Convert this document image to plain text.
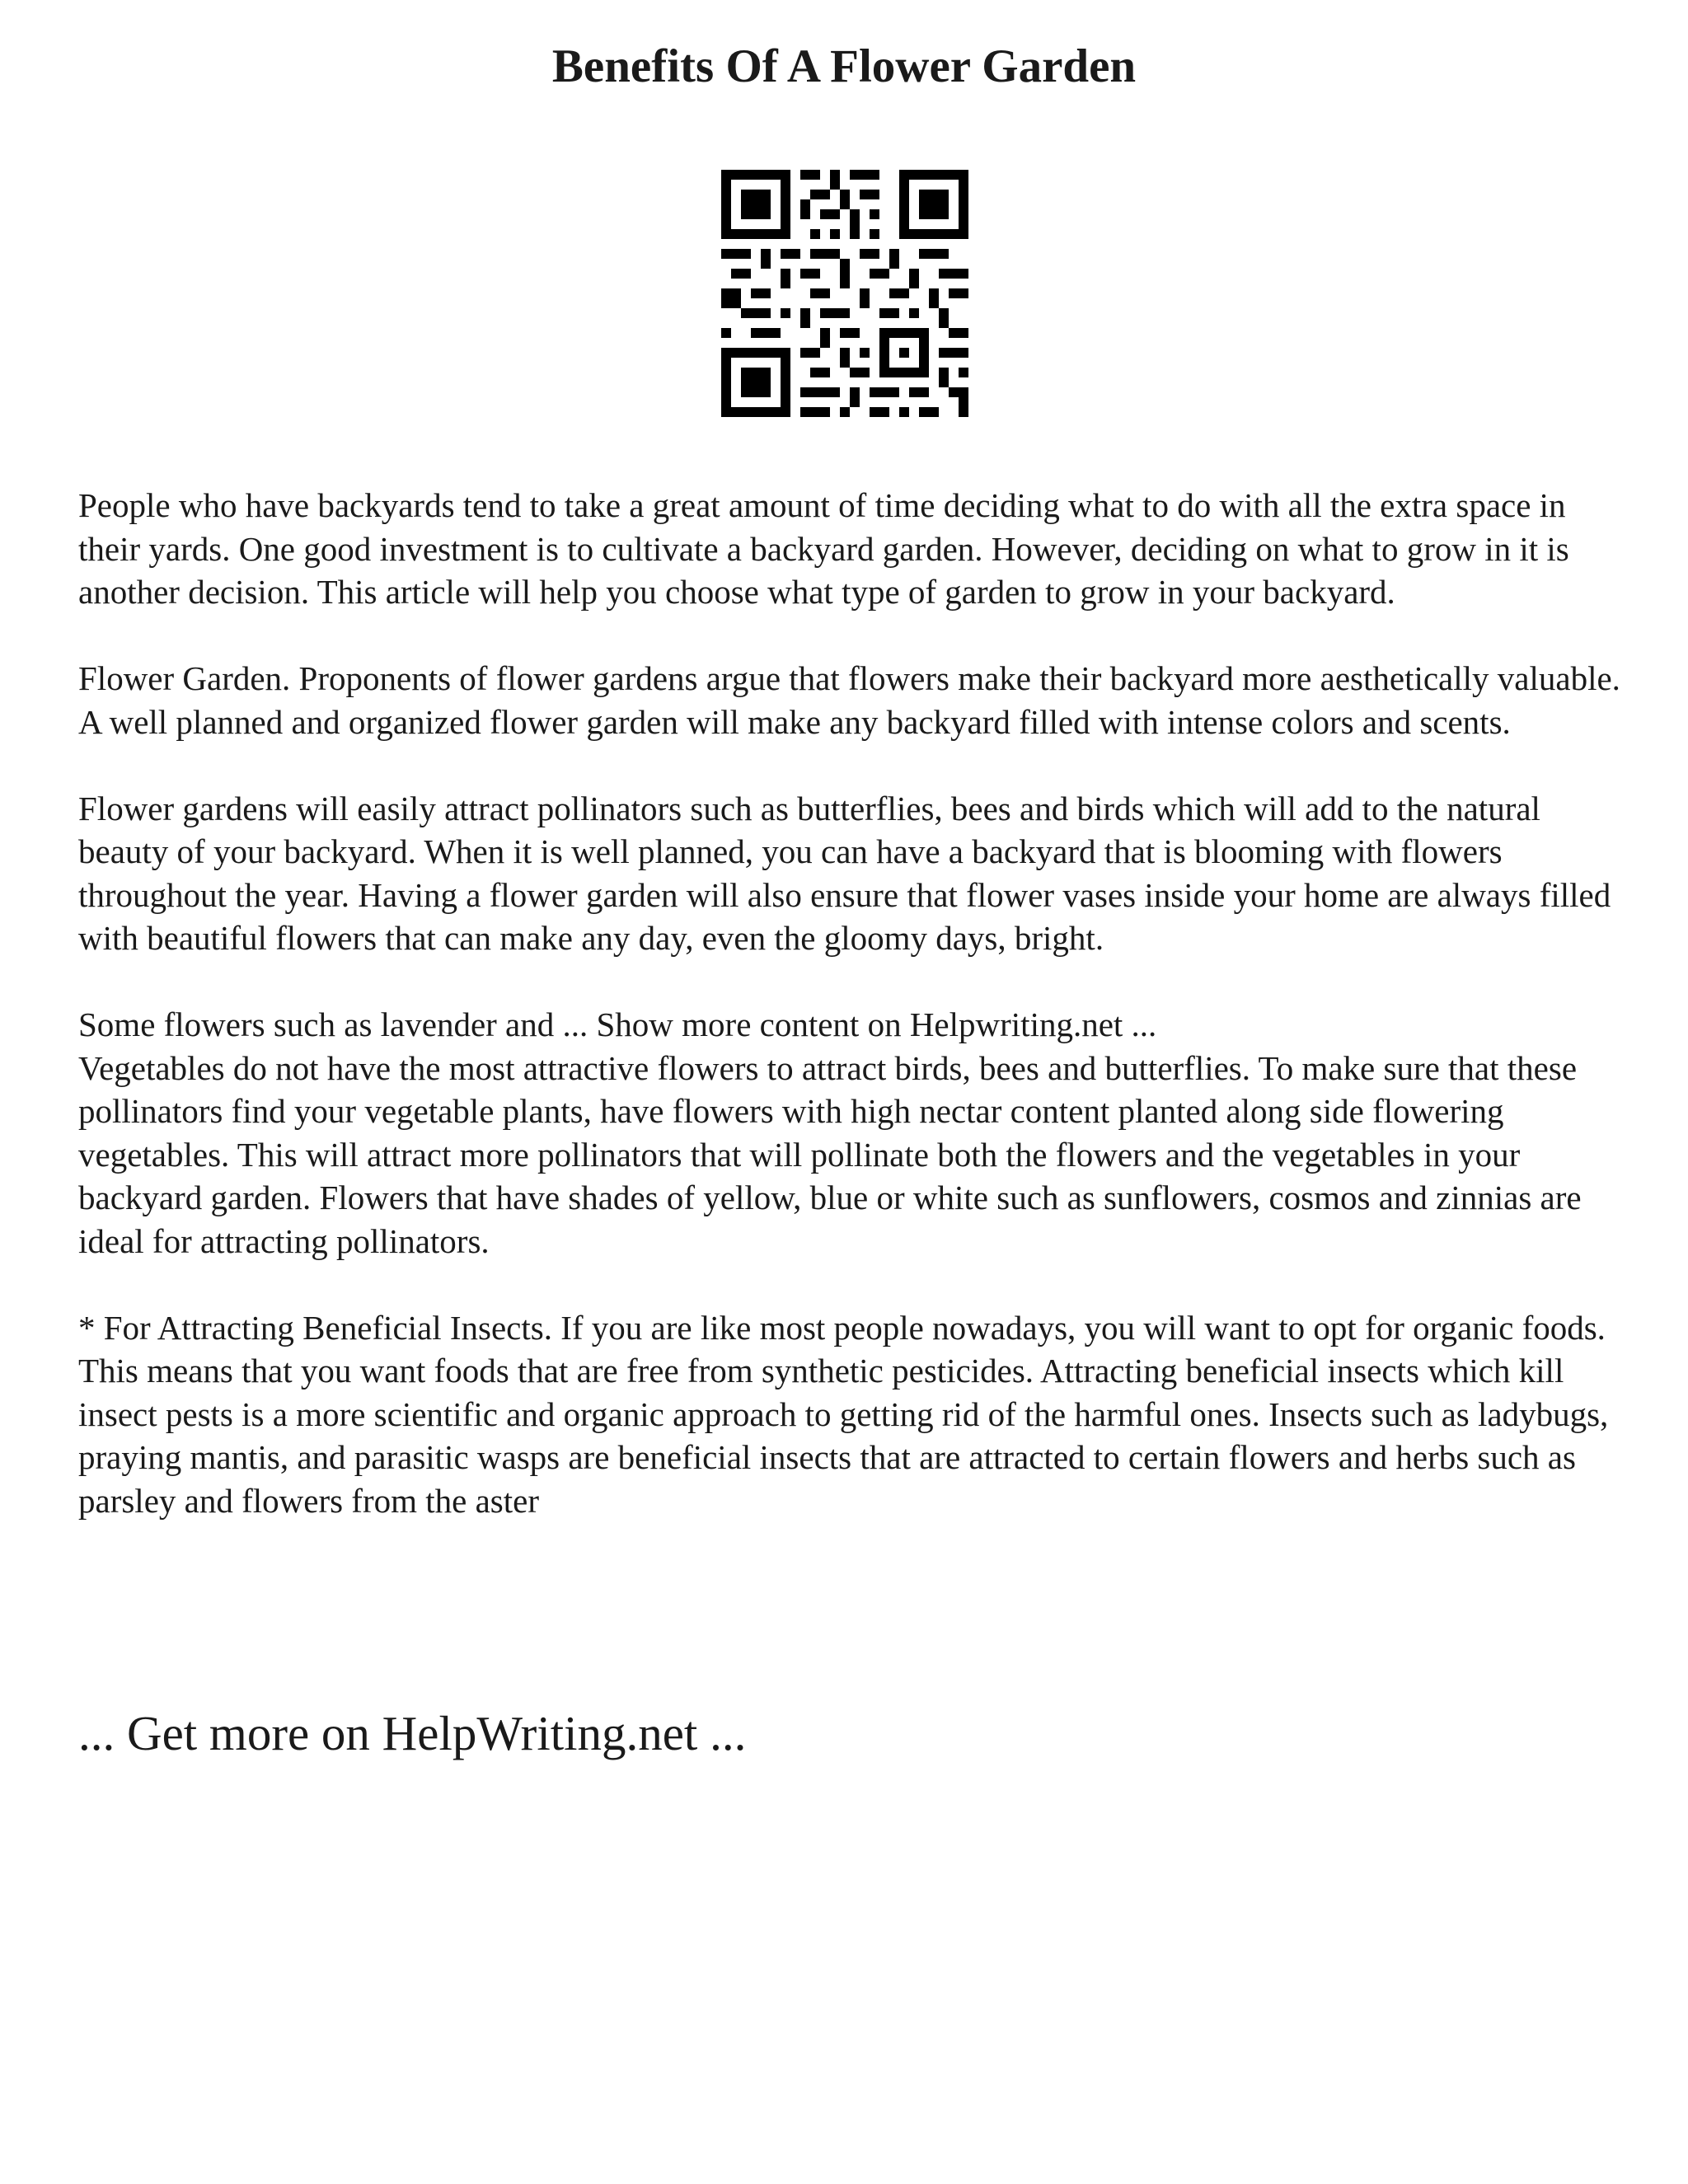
Benefits Of A Flower Garden

People who have backyards tend to take a great amount of time deciding what to do with all the extra space in their yards. One good investment is to cultivate a backyard garden. However, deciding on what to grow in it is another decision. This article will help you choose what type of garden to grow in your backyard.

Flower Garden. Proponents of flower gardens argue that flowers make their backyard more aesthetically valuable. A well planned and organized flower garden will make any backyard filled with intense colors and scents.

Flower gardens will easily attract pollinators such as butterflies, bees and birds which will add to the natural beauty of your backyard. When it is well planned, you can have a backyard that is blooming with flowers throughout the year. Having a flower garden will also ensure that flower vases inside your home are always filled with beautiful flowers that can make any day, even the gloomy days, bright.

Some flowers such as lavender and ... Show more content on Helpwriting.net ...

Vegetables do not have the most attractive flowers to attract birds, bees and butterflies. To make sure that these pollinators find your vegetable plants, have flowers with high nectar content planted along side flowering vegetables. This will attract more pollinators that will pollinate both the flowers and the vegetables in your backyard garden. Flowers that have shades of yellow, blue or white such as sunflowers, cosmos and zinnias are ideal for attracting pollinators.

* For Attracting Beneficial Insects. If you are like most people nowadays, you will want to opt for organic foods. This means that you want foods that are free from synthetic pesticides. Attracting beneficial insects which kill insect pests is a more scientific and organic approach to getting rid of the harmful ones. Insects such as ladybugs, praying mantis, and parasitic wasps are beneficial insects that are attracted to certain flowers and herbs such as parsley and flowers from the aster

... Get more on HelpWriting.net ...
